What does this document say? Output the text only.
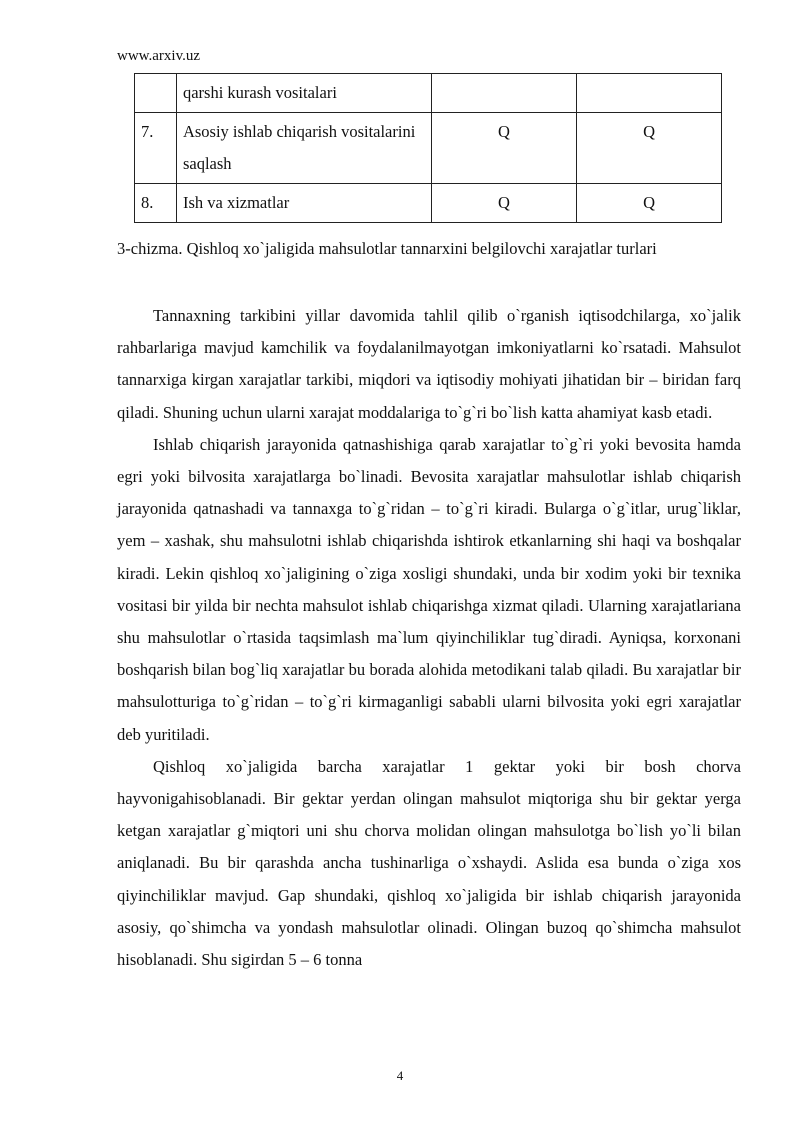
www.arxiv.uz
	qarshi kurash vositalari		
7.	Asosiy ishlab chiqarish vositalarini saqlash	Q	Q
8.	Ish va xizmatlar	Q	Q
3-chizma. Qishloq xo`jaligida mahsulotlar tannarxini belgilovchi xarajatlar turlari

Tannaxning tarkibini yillar davomida tahlil qilib o`rganish iqtisodchilarga, xo`jalik rahbarlariga mavjud kamchilik va foydalanilmayotgan imkoniyatlarni ko`rsatadi. Mahsulot tannarxiga kirgan xarajatlar tarkibi, miqdori va iqtisodiy mohiyati jihatidan bir – biridan farq qiladi. Shuning uchun ularni xarajat moddalariga to`g`ri bo`lish katta ahamiyat kasb etadi.

Ishlab chiqarish jarayonida qatnashishiga qarab xarajatlar to`g`ri yoki bevosita hamda egri yoki bilvosita xarajatlarga bo`linadi. Bevosita xarajatlar mahsulotlar ishlab chiqarish jarayonida qatnashadi va tannaxga to`g`ridan – to`g`ri kiradi. Bularga o`g`itlar, urug`liklar, yem – xashak, shu mahsulotni ishlab chiqarishda ishtirok etkanlarning shi haqi va boshqalar kiradi. Lekin qishloq xo`jaligining o`ziga xosligi shundaki, unda bir xodim yoki bir texnika vositasi bir yilda bir nechta mahsulot ishlab chiqarishga xizmat qiladi. Ularning xarajatlariana shu mahsulotlar o`rtasida taqsimlash ma`lum qiyinchiliklar tug`diradi. Ayniqsa, korxonani boshqarish bilan bog`liq xarajatlar bu borada alohida metodikani talab qiladi. Bu xarajatlar bir mahsulotturiga to`g`ridan – to`g`ri kirmaganligi sababli ularni bilvosita yoki egri xarajatlar deb yuritiladi.

Qishloq xo`jaligida barcha xarajatlar 1 gektar yoki bir bosh chorva hayvonigahisoblanadi. Bir gektar yerdan olingan mahsulot miqtoriga shu bir gektar yerga ketgan xarajatlar g`miqtori uni shu chorva molidan olingan mahsulotga bo`lish yo`li bilan aniqlanadi. Bu bir qarashda ancha tushinarliga o`xshaydi. Aslida esa bunda o`ziga xos qiyinchiliklar mavjud. Gap shundaki, qishloq xo`jaligida bir ishlab chiqarish jarayonida asosiy, qo`shimcha va yondash mahsulotlar olinadi. Olingan buzoq qo`shimcha mahsulot hisoblanadi. Shu sigirdan 5 – 6 tonna

4
